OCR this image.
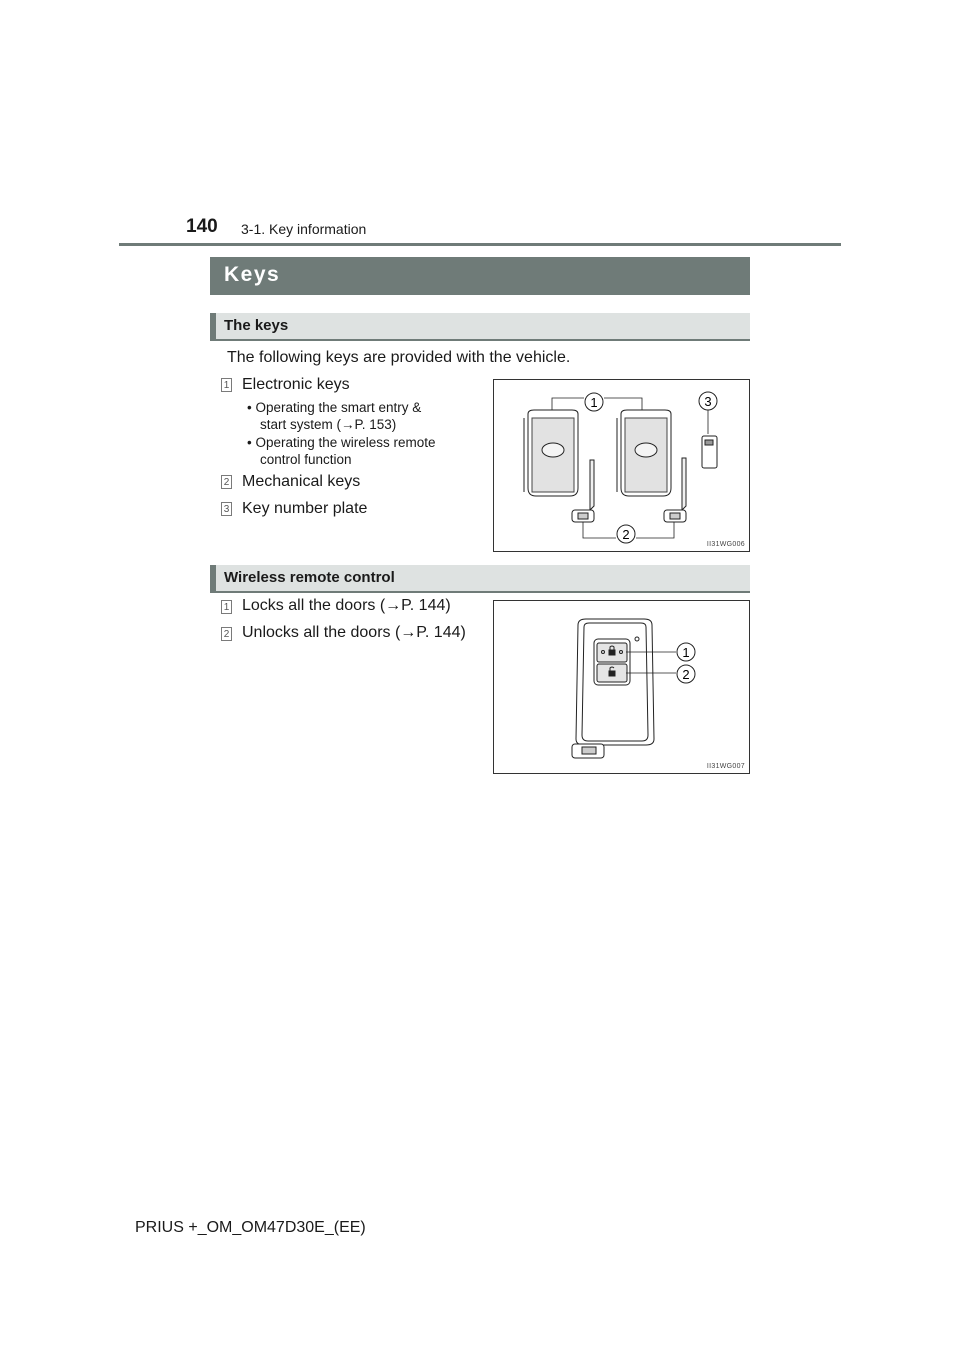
140 3-1. Key information
Keys
The keys
The following keys are provided with the vehicle.
1 Electronic keys
• Operating the smart entry &
start system (→P. 153)
• Operating the wireless remote
control function
2 Mechanical keys
3 Key number plate
1	3
2
II31WG006
Wireless remote control
1 Locks all the doors (→P. 144)
2 Unlocks all the doors (→P. 144)
1
2
II31WG007
PRIUS +_OM_OM47D30E_(EE)
